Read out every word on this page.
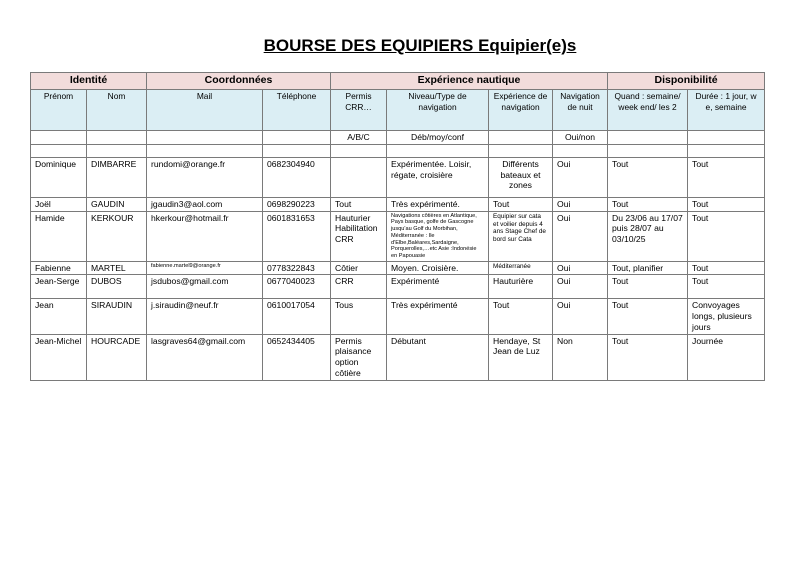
BOURSE DES EQUIPIERS Equipier(e)s
Identité		Coordonnées		Expérience nautique				Disponibilité	
Prénom	Nom	Mail	Téléphone	Permis CRR…	Niveau/Type de navigation	Expérience de navigation	Navigation de nuit	Quand : semaine/ week end/ les 2	Durée : 1 jour, w e, semaine
				A/B/C	Déb/moy/conf		Oui/non		

Dominique	DIMBARRE	rundomi@orange.fr	0682304940		Expérimentée. Loisir, régate, croisière	Différents bateaux et zones	Oui	Tout	Tout
Joël	GAUDIN	jgaudin3@aol.com	0698290223	Tout	Très expérimenté.	Tout	Oui	Tout	Tout
Hamide	KERKOUR	hkerkour@hotmail.fr	0601831653	Hauturier Habilitation CRR	Navigations côtières en Atlantique, Pays basque, golfe de Gascogne jusqu'au Golf du Morbihan, Méditerranée : Ile d'Elbe,Baléares,Sardaigne, Porquerolles,…etc Asie :Indonésie en Papouasie	Equipier sur cata et voilier depuis 4 ans Stage Chef de bord sur Cata	Oui	Du 23/06 au 17/07 puis 28/07 au 03/10/25	Tout
Fabienne	MARTEL	fabienne.martel9@orange.fr	0778322843	Côtier	Moyen. Croisière.	Méditerranée	Oui	Tout, planifier	Tout
Jean-Serge	DUBOS	jsdubos@gmail.com	0677040023	CRR	Expérimenté	Hauturière	Oui	Tout	Tout
Jean	SIRAUDIN	j.siraudin@neuf.fr	0610017054	Tous	Très expérimenté	Tout	Oui	Tout	Convoyages longs, plusieurs jours
Jean-Michel	HOURCADE	lasgraves64@gmail.com	0652434405	Permis plaisance option côtière	Débutant	Hendaye, St Jean de Luz	Non	Tout	Journée
